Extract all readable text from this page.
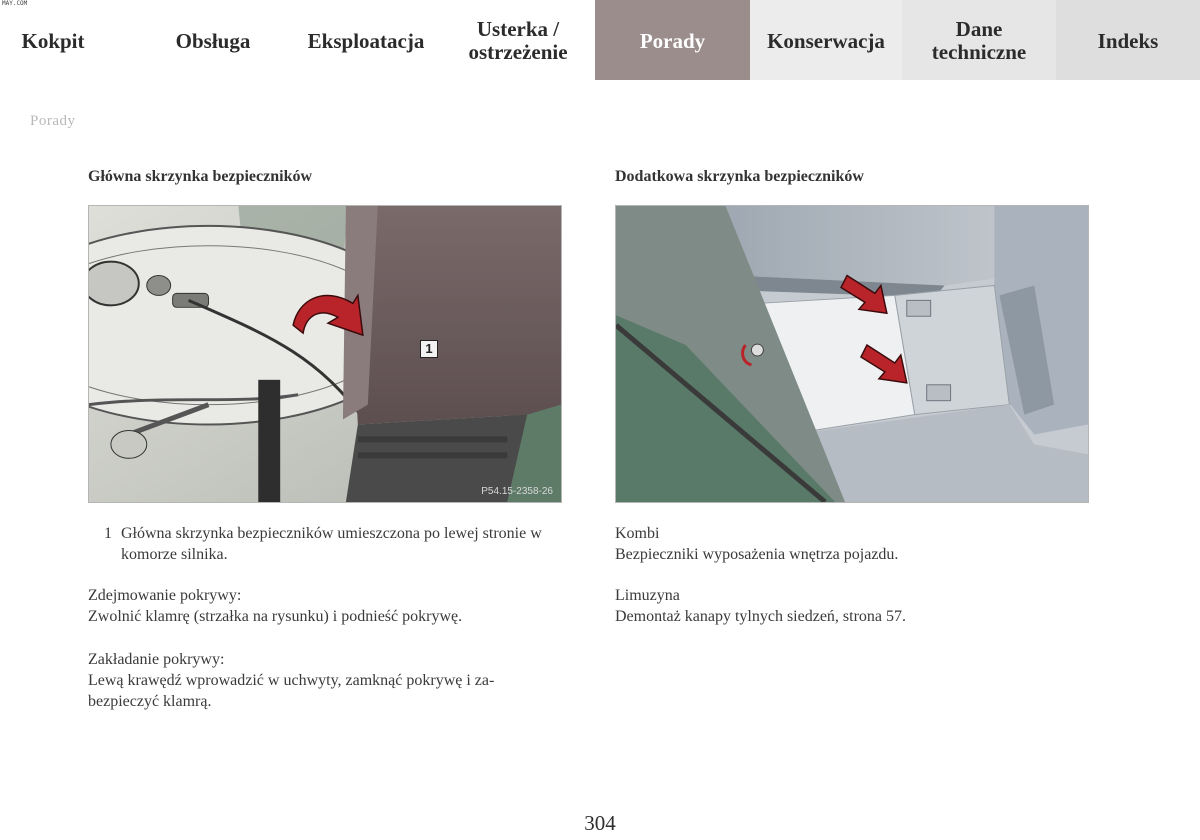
MAY.COM
Kokpit	Obsługa	Eksploatacja	Usterka /
ostrzeżenie	Porady	Konserwacja	Dane
techniczne	Indeks
Porady
Główna skrzynka bezpieczników
1
P54.15-2358-26
1 Główna skrzynka bezpieczników umieszczona po lewej stronie w komorze silnika.

Zdejmowanie pokrywy:

Zwolnić klamrę (strzałka na rysunku) i podnieść pokrywę.

Zakładanie pokrywy:

Lewą krawędź wprowadzić w uchwyty, zamknąć pokrywę i za-bezpieczyć klamrą.

Dodatkowa skrzynka bezpieczników

Kombi

Bezpieczniki wyposażenia wnętrza pojazdu.

Limuzyna

Demontaż kanapy tylnych siedzeń, strona 57.

304
